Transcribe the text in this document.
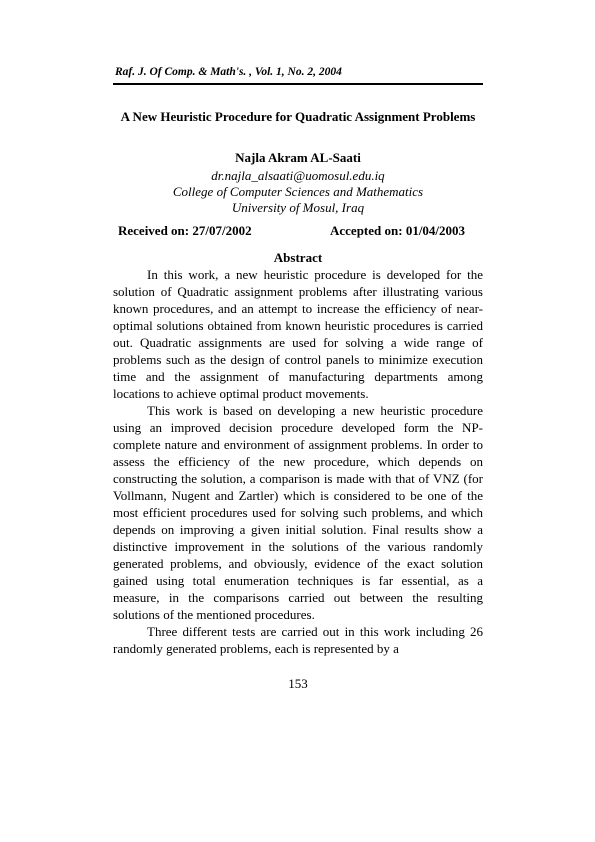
Raf. J. Of Comp. & Math's. , Vol. 1, No. 2, 2004
A New Heuristic Procedure for Quadratic Assignment Problems
Najla Akram AL-Saati
dr.najla_alsaati@uomosul.edu.iq
College of Computer Sciences and Mathematics
University of Mosul, Iraq
Received on: 27/07/2002	Accepted on: 01/04/2003
Abstract

In this work, a new heuristic procedure is developed for the solution of Quadratic assignment problems after illustrating various known procedures, and an attempt to increase the efficiency of near-optimal solutions obtained from known heuristic procedures is carried out. Quadratic assignments are used for solving a wide range of problems such as the design of control panels to minimize execution time and the assignment of manufacturing departments among locations to achieve optimal product movements.

This work is based on developing a new heuristic procedure using an improved decision procedure developed form the NP-complete nature and environment of assignment problems. In order to assess the efficiency of the new procedure, which depends on constructing the solution, a comparison is made with that of VNZ (for Vollmann, Nugent and Zartler) which is considered to be one of the most efficient procedures used for solving such problems, and which depends on improving a given initial solution. Final results show a distinctive improvement in the solutions of the various randomly generated problems, and obviously, evidence of the exact solution gained using total enumeration techniques is far essential, as a measure, in the comparisons carried out between the resulting solutions of the mentioned procedures.

Three different tests are carried out in this work including 26 randomly generated problems, each is represented by a

153
